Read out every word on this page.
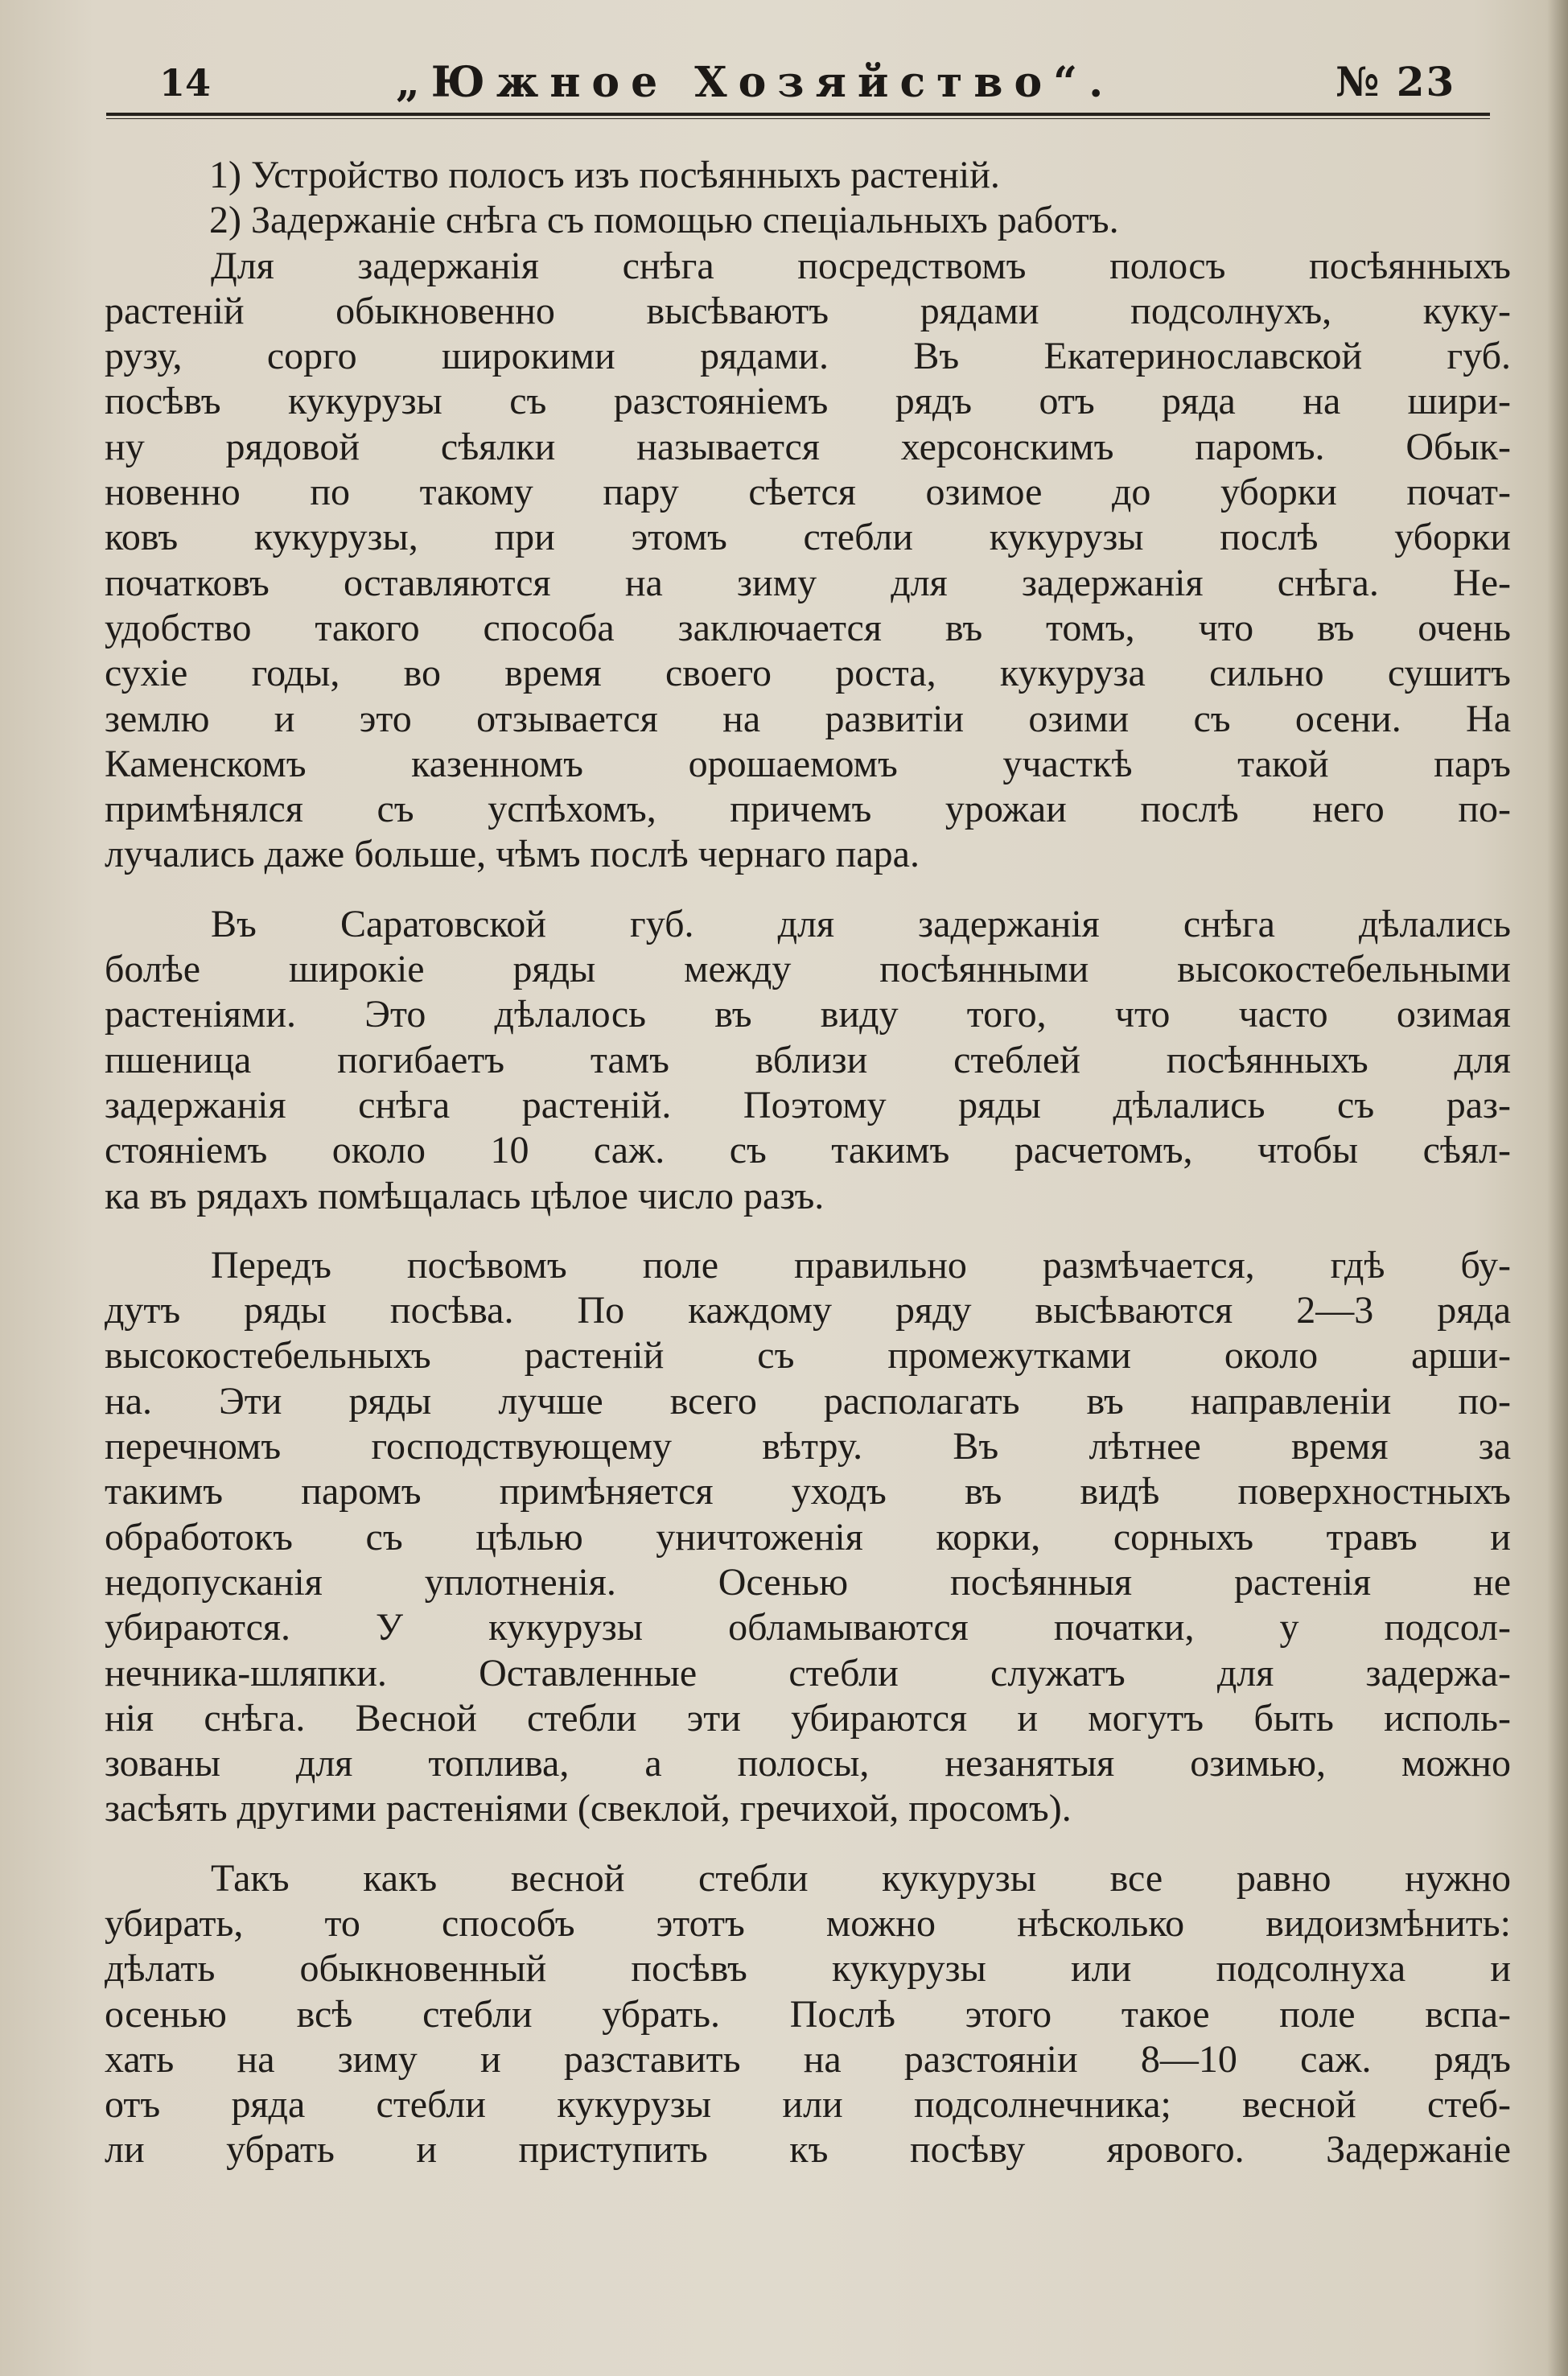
14	„Южное Хозяйство“.	№ 23
1) Устройство полосъ изъ посѣянныхъ растеній.
2) Задержаніе снѣга съ помощью спеціальныхъ работъ.
Для задержанія снѣга посредствомъ полосъ посѣянныхъ
растеній обыкновенно высѣваютъ рядами подсолнухъ, куку-
рузу, сорго широкими рядами. Въ Екатеринославской губ.
посѣвъ кукурузы съ разстояніемъ рядъ отъ ряда на шири-
ну рядовой сѣялки называется херсонскимъ паромъ. Обык-
новенно по такому пару сѣется озимое до уборки почат-
ковъ кукурузы, при этомъ стебли кукурузы послѣ уборки
початковъ оставляются на зиму для задержанія снѣга. Не-
удобство такого способа заключается въ томъ, что въ очень
сухіе годы, во время своего роста, кукуруза сильно сушитъ
землю и это отзывается на развитіи озими съ осени. На
Каменскомъ казенномъ орошаемомъ участкѣ такой паръ
примѣнялся съ успѣхомъ, причемъ урожаи послѣ него по-
лучались даже больше, чѣмъ послѣ чернаго пара.
Въ Саратовской губ. для задержанія снѣга дѣлались
болѣе широкіе ряды между посѣянными высокостебельными
растеніями. Это дѣлалось въ виду того, что часто озимая
пшеница погибаетъ тамъ вблизи стеблей посѣянныхъ для
задержанія снѣга растеній. Поэтому ряды дѣлались съ раз-
стояніемъ около 10 саж. съ такимъ расчетомъ, чтобы сѣял-
ка въ рядахъ помѣщалась цѣлое число разъ.
Передъ посѣвомъ поле правильно размѣчается, гдѣ бу-
дутъ ряды посѣва. По каждому ряду высѣваются 2—3 ряда
высокостебельныхъ растеній съ промежутками около арши-
на. Эти ряды лучше всего располагать въ направленіи по-
перечномъ господствующему вѣтру. Въ лѣтнее время за
такимъ паромъ примѣняется уходъ въ видѣ поверхностныхъ
обработокъ съ цѣлью уничтоженія корки, сорныхъ травъ и
недопусканія уплотненія. Осенью посѣянныя растенія не
убираются. У кукурузы обламываются початки, у подсол-
нечника-шляпки. Оставленные стебли служатъ для задержа-
нія снѣга. Весной стебли эти убираются и могутъ быть исполь-
зованы для топлива, а полосы, незанятыя озимью, можно
засѣять другими растеніями (свеклой, гречихой, просомъ).
Такъ какъ весной стебли кукурузы все равно нужно
убирать, то способъ этотъ можно нѣсколько видоизмѣнить:
дѣлать обыкновенный посѣвъ кукурузы или подсолнуха и
осенью всѣ стебли убрать. Послѣ этого такое поле вспа-
хать на зиму и разставить на разстояніи 8—10 саж. рядъ
отъ ряда стебли кукурузы или подсолнечника; весной стеб-
ли убрать и приступить къ посѣву ярового. Задержаніе
